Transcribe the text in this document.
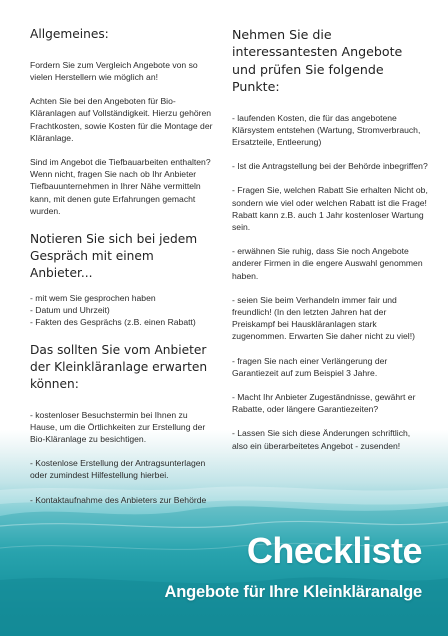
Allgemeines:

Fordern Sie zum Vergleich Angebote von so vielen Herstellern wie möglich an!

Achten Sie bei den Angeboten für Bio-Kläranlagen auf Vollständigkeit. Hierzu gehören Frachtkosten, sowie Kosten für die Montage der Kläranlage.

Sind im Angebot die Tiefbauarbeiten enthalten? Wenn nicht, fragen Sie nach ob Ihr Anbieter Tiefbauunternehmen in Ihrer Nähe vermitteln kann, mit denen gute Erfahrungen gemacht wurden.

Notieren Sie sich bei jedem Gespräch mit einem Anbieter...

- mit wem Sie gesprochen haben

- Datum und Uhrzeit)

- Fakten des Gesprächs (z.B. einen Rabatt)

Das sollten Sie vom Anbieter der Kleinkläranlage erwarten können:

- kostenloser Besuchstermin bei Ihnen zu Hause, um die Örtlichkeiten zur Erstellung der Bio-Kläranlage zu besichtigen.

- Kostenlose Erstellung der Antragsunterlagen oder zumindest Hilfestellung hierbei.

- Kontaktaufnahme des Anbieters zur Behörde

Nehmen Sie die interessantesten Angebote und prüfen Sie folgende Punkte:

- laufenden Kosten, die für das angebotene Klärsystem entstehen (Wartung, Stromverbrauch, Ersatzteile, Entleerung)

- Ist die Antragstellung bei der Behörde inbegriffen?

- Fragen Sie, welchen Rabatt Sie erhalten Nicht ob, sondern wie viel oder welchen Rabatt ist die Frage! Rabatt kann z.B. auch 1 Jahr kostenloser Wartung sein.

- erwähnen Sie ruhig, dass Sie noch Angebote anderer Firmen in die engere Auswahl genommen haben.

- seien Sie beim Verhandeln immer fair und freundlich! (In den letzten Jahren hat der Preiskampf bei Hauskläranlagen stark zugenommen. Erwarten Sie daher nicht zu viel!)

- fragen Sie nach einer Verlängerung der Garantiezeit auf zum Beispiel 3 Jahre.

- Macht Ihr Anbieter Zugeständnisse, gewährt er Rabatte, oder längere Garantiezeiten?

- Lassen Sie sich diese Änderungen schriftlich, also ein überarbeitetes Angebot - zusenden!

Checkliste
Angebote für Ihre Kleinkläranalge
